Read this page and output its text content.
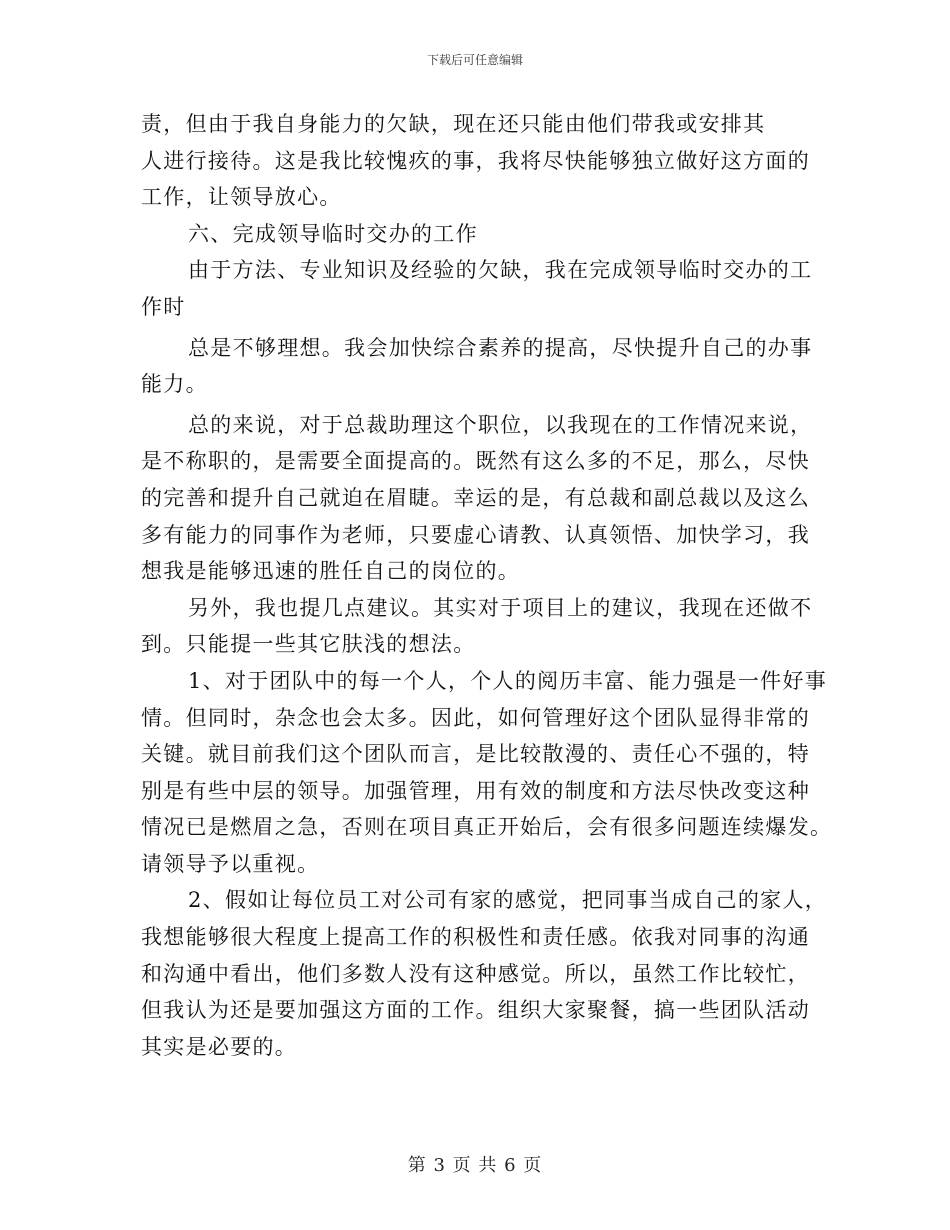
下载后可任意编辑
责，但由于我自身能力的欠缺，现在还只能由他们带我或安排其
人进行接待。这是我比较愧疚的事，我将尽快能够独立做好这方面的
工作，让领导放心。
六、完成领导临时交办的工作
由于方法、专业知识及经验的欠缺，我在完成领导临时交办的工
作时
总是不够理想。我会加快综合素养的提高，尽快提升自己的办事
能力。
总的来说，对于总裁助理这个职位，以我现在的工作情况来说，
是不称职的，是需要全面提高的。既然有这么多的不足，那么，尽快
的完善和提升自己就迫在眉睫。幸运的是，有总裁和副总裁以及这么
多有能力的同事作为老师，只要虚心请教、认真领悟、加快学习，我
想我是能够迅速的胜任自己的岗位的。
另外，我也提几点建议。其实对于项目上的建议，我现在还做不
到。只能提一些其它肤浅的想法。
1、对于团队中的每一个人，个人的阅历丰富、能力强是一件好事
情。但同时，杂念也会太多。因此，如何管理好这个团队显得非常的
关键。就目前我们这个团队而言，是比较散漫的、责任心不强的，特
别是有些中层的领导。加强管理，用有效的制度和方法尽快改变这种
情况已是燃眉之急，否则在项目真正开始后，会有很多问题连续爆发。
请领导予以重视。
2、假如让每位员工对公司有家的感觉，把同事当成自己的家人，
我想能够很大程度上提高工作的积极性和责任感。依我对同事的沟通
和沟通中看出，他们多数人没有这种感觉。所以，虽然工作比较忙，
但我认为还是要加强这方面的工作。组织大家聚餐，搞一些团队活动
其实是必要的。
第 3 页 共 6 页
